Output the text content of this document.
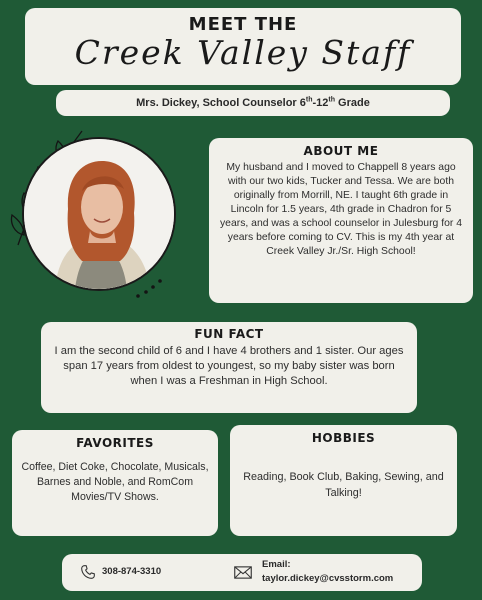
MEET THE
Creek Valley Staff
Mrs. Dickey, School Counselor 6th-12th Grade
ABOUT ME
My husband and I moved to Chappell 8 years ago with our two kids, Tucker and Tessa. We are both originally from Morrill, NE. I taught 6th grade in Lincoln for 1.5 years, 4th grade in Chadron for 5 years, and was a school counselor in Julesburg for 4 years before coming to CV. This is my 4th year at Creek Valley Jr./Sr. High School!
FUN FACT
I am the second child of 6 and I have 4 brothers and 1 sister. Our ages span 17 years from oldest to youngest, so my baby sister was born when I was a Freshman in High School.
FAVORITES
Coffee, Diet Coke, Chocolate, Musicals, Barnes and Noble, and RomCom Movies/TV Shows.
HOBBIES
Reading, Book Club, Baking, Sewing, and Talking!
308-874-3310
Email:
taylor.dickey@cvsstorm.com
